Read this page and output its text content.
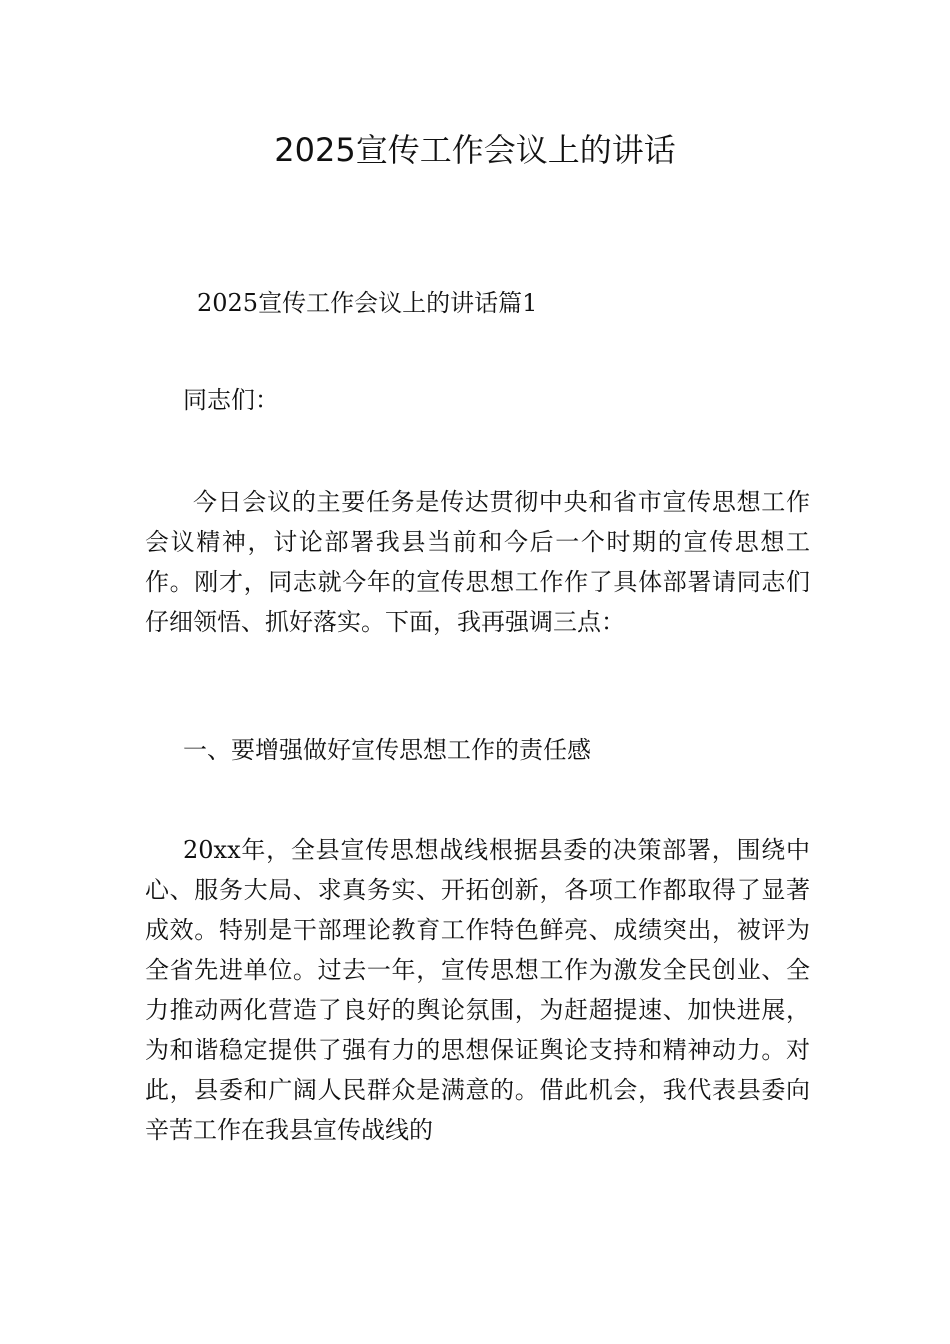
2025宣传工作会议上的讲话

2025宣传工作会议上的讲话篇1

同志们：

今日会议的主要任务是传达贯彻中央和省市宣传思想工作会议精神，讨论部署我县当前和今后一个时期的宣传思想工作。刚才，同志就今年的宣传思想工作作了具体部署请同志们仔细领悟、抓好落实。下面，我再强调三点：

一、要增强做好宣传思想工作的责任感

20xx年，全县宣传思想战线根据县委的决策部署，围绕中心、服务大局、求真务实、开拓创新，各项工作都取得了显著成效。特别是干部理论教育工作特色鲜亮、成绩突出，被评为全省先进单位。过去一年，宣传思想工作为激发全民创业、全力推动两化营造了良好的舆论氛围，为赶超提速、加快进展，为和谐稳定提供了强有力的思想保证舆论支持和精神动力。对此，县委和广阔人民群众是满意的。借此机会，我代表县委向辛苦工作在我县宣传战线的
